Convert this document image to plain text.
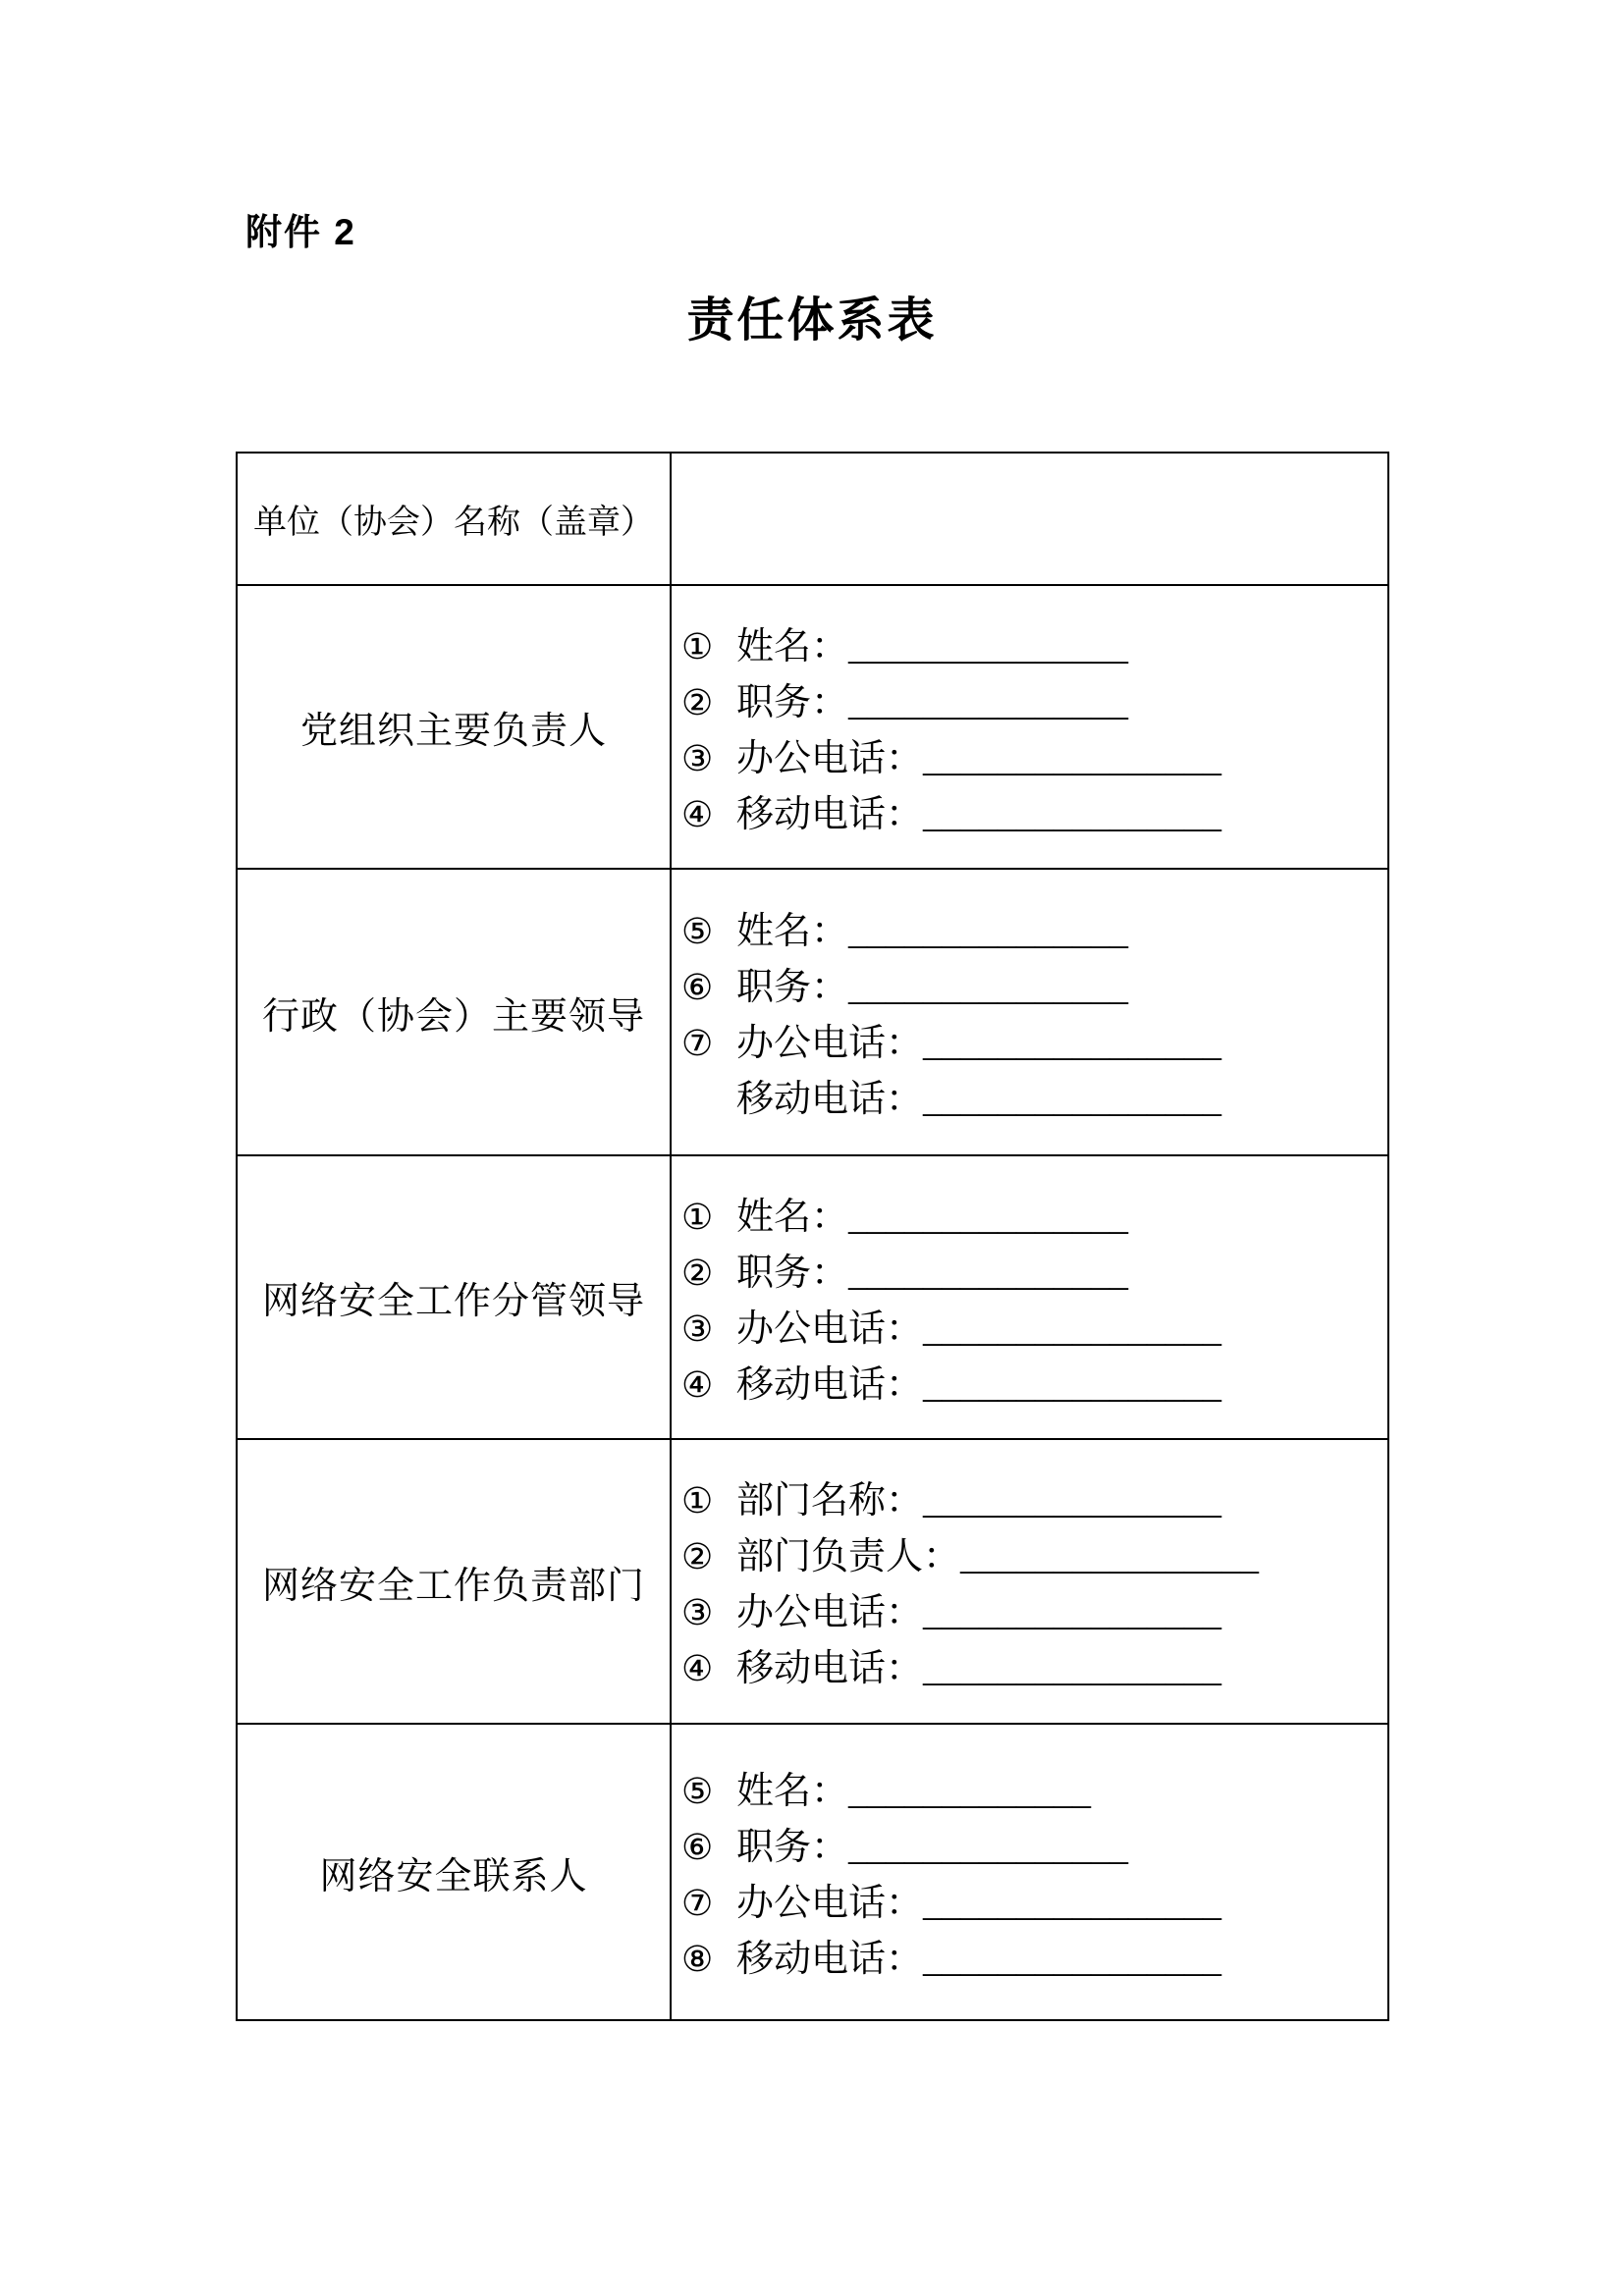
附件 2
责任体系表
单位（协会）名称（盖章）	
党组织主要负责人	
① 姓名： _______________
② 职务： _______________
③ 办公电话： ________________
④ 移动电话： ________________

行政（协会）主要领导	
⑤ 姓名： _______________
⑥ 职务： _______________
⑦ 办公电话： ________________
移动电话： ________________

网络安全工作分管领导	
① 姓名： _______________
② 职务： _______________
③ 办公电话： ________________
④ 移动电话： ________________

网络安全工作负责部门	
① 部门名称： ________________
② 部门负责人： ________________
③ 办公电话： ________________
④ 移动电话： ________________

网络安全联系人	
⑤ 姓名： _____________
⑥ 职务： _______________
⑦ 办公电话： ________________
⑧ 移动电话： ________________
